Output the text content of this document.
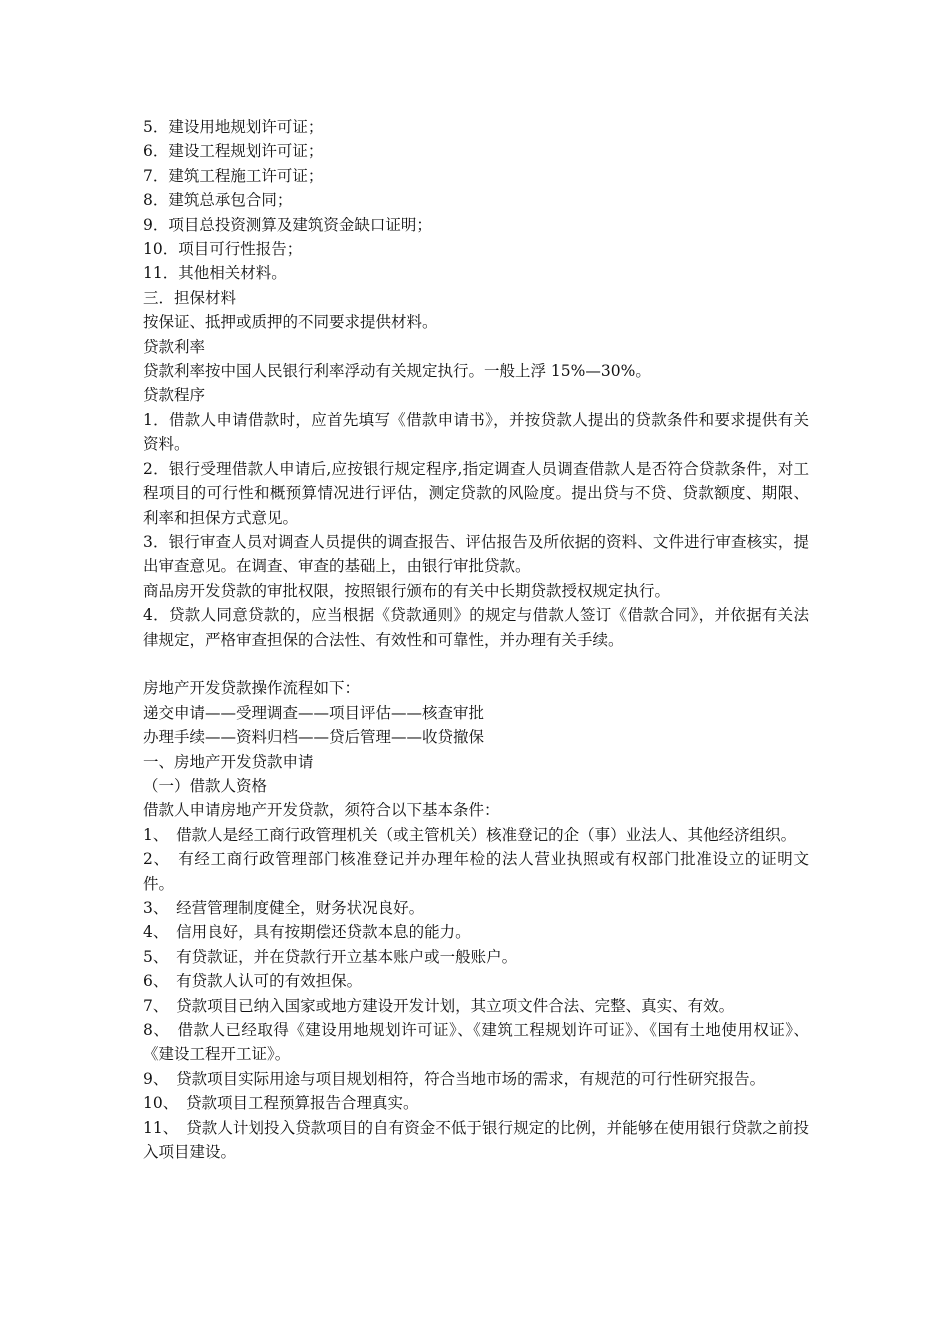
5．建设用地规划许可证；

6．建设工程规划许可证；

7．建筑工程施工许可证；

8．建筑总承包合同；

9．项目总投资测算及建筑资金缺口证明；

10．项目可行性报告；

11．其他相关材料。

三．担保材料

按保证、抵押或质押的不同要求提供材料。

贷款利率

贷款利率按中国人民银行利率浮动有关规定执行。一般上浮 15%—30%。

贷款程序

1．借款人申请借款时，应首先填写《借款申请书》，并按贷款人提出的贷款条件和要求提供有关资料。

2．银行受理借款人申请后,应按银行规定程序,指定调查人员调查借款人是否符合贷款条件，对工程项目的可行性和概预算情况进行评估，测定贷款的风险度。提出贷与不贷、贷款额度、期限、利率和担保方式意见。

3．银行审查人员对调查人员提供的调查报告、评估报告及所依据的资料、文件进行审查核实，提出审查意见。在调查、审查的基础上，由银行审批贷款。

商品房开发贷款的审批权限，按照银行颁布的有关中长期贷款授权规定执行。

4．贷款人同意贷款的，应当根据《贷款通则》的规定与借款人签订《借款合同》，并依据有关法律规定，严格审查担保的合法性、有效性和可靠性，并办理有关手续。

房地产开发贷款操作流程如下：

递交申请——受理调查——项目评估——核查审批

办理手续——资料归档——贷后管理——收贷撤保

一、房地产开发贷款申请

（一）借款人资格

借款人申请房地产开发贷款，须符合以下基本条件：

1、　借款人是经工商行政管理机关（或主管机关）核准登记的企（事）业法人、其他经济组织。

2、　有经工商行政管理部门核准登记并办理年检的法人营业执照或有权部门批准设立的证明文件。

3、　经营管理制度健全，财务状况良好。

4、　信用良好，具有按期偿还贷款本息的能力。

5、　有贷款证，并在贷款行开立基本账户或一般账户。

6、　有贷款人认可的有效担保。

7、　贷款项目已纳入国家或地方建设开发计划，其立项文件合法、完整、真实、有效。

8、　借款人已经取得《建设用地规划许可证》、《建筑工程规划许可证》、《国有土地使用权证》、《建设工程开工证》。

9、　贷款项目实际用途与项目规划相符，符合当地市场的需求，有规范的可行性研究报告。

10、　贷款项目工程预算报告合理真实。

11、　贷款人计划投入贷款项目的自有资金不低于银行规定的比例，并能够在使用银行贷款之前投入项目建设。
